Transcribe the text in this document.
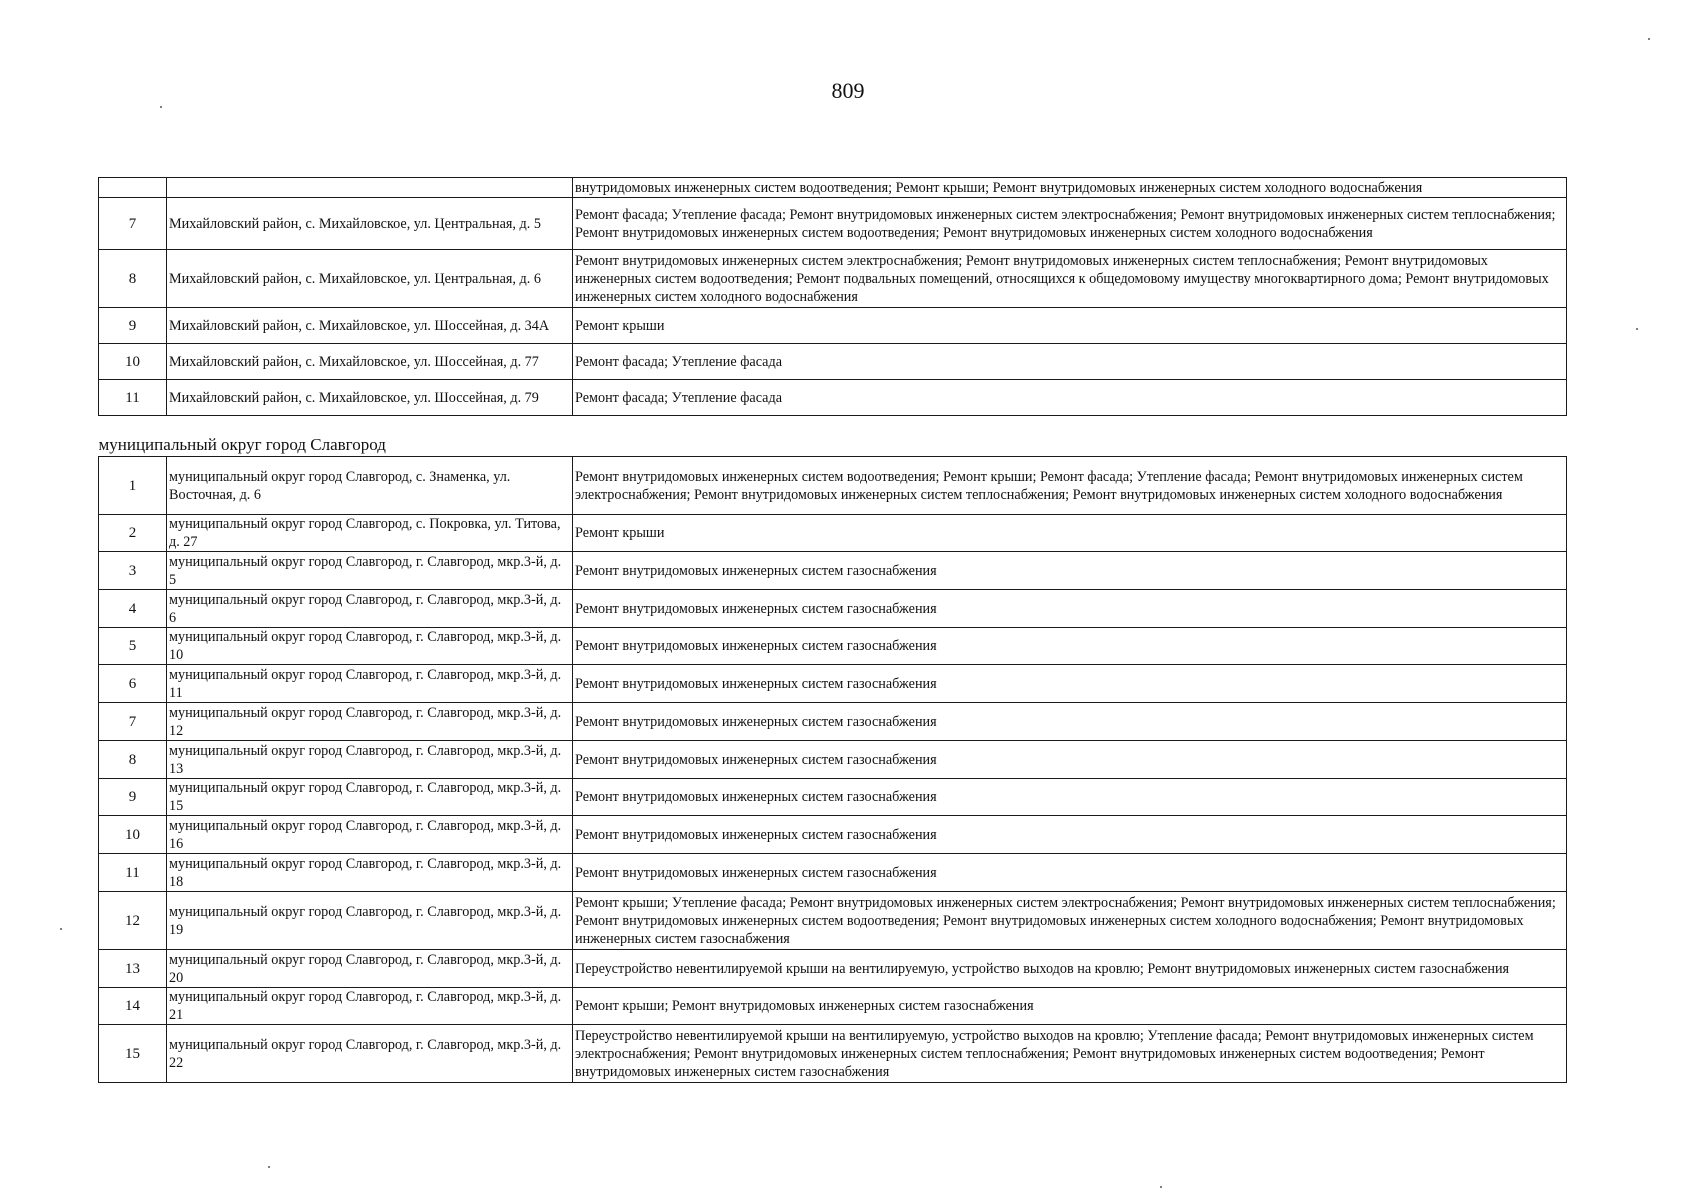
809
		внутридомовых инженерных систем водоотведения; Ремонт крыши; Ремонт внутридомовых инженерных систем холодного водоснабжения
7	Михайловский район, с. Михайловское, ул. Центральная, д. 5	Ремонт фасада; Утепление фасада; Ремонт внутридомовых инженерных систем электроснабжения; Ремонт внутридомовых инженерных систем теплоснабжения; Ремонт внутридомовых инженерных систем водоотведения; Ремонт внутридомовых инженерных систем холодного водоснабжения
8	Михайловский район, с. Михайловское, ул. Центральная, д. 6	Ремонт внутридомовых инженерных систем электроснабжения; Ремонт внутридомовых инженерных систем теплоснабжения; Ремонт внутридомовых инженерных систем водоотведения; Ремонт подвальных помещений, относящихся к общедомовому имуществу многоквартирного дома; Ремонт внутридомовых инженерных систем холодного водоснабжения
9	Михайловский район, с. Михайловское, ул. Шоссейная, д. 34А	Ремонт крыши
10	Михайловский район, с. Михайловское, ул. Шоссейная, д. 77	Ремонт фасада; Утепление фасада
11	Михайловский район, с. Михайловское, ул. Шоссейная, д. 79	Ремонт фасада; Утепление фасада

муниципальный округ город Славгород		

1	муниципальный округ город Славгород, с. Знаменка, ул. Восточная, д. 6	Ремонт внутридомовых инженерных систем водоотведения; Ремонт крыши; Ремонт фасада; Утепление фасада; Ремонт внутридомовых инженерных систем электроснабжения; Ремонт внутридомовых инженерных систем теплоснабжения; Ремонт внутридомовых инженерных систем холодного водоснабжения
2	муниципальный округ город Славгород, с. Покровка, ул. Титова, д. 27	Ремонт крыши
3	муниципальный округ город Славгород, г. Славгород, мкр.3-й, д. 5	Ремонт внутридомовых инженерных систем газоснабжения
4	муниципальный округ город Славгород, г. Славгород, мкр.3-й, д. 6	Ремонт внутридомовых инженерных систем газоснабжения
5	муниципальный округ город Славгород, г. Славгород, мкр.3-й, д. 10	Ремонт внутридомовых инженерных систем газоснабжения
6	муниципальный округ город Славгород, г. Славгород, мкр.3-й, д. 11	Ремонт внутридомовых инженерных систем газоснабжения
7	муниципальный округ город Славгород, г. Славгород, мкр.3-й, д. 12	Ремонт внутридомовых инженерных систем газоснабжения
8	муниципальный округ город Славгород, г. Славгород, мкр.3-й, д. 13	Ремонт внутридомовых инженерных систем газоснабжения
9	муниципальный округ город Славгород, г. Славгород, мкр.3-й, д. 15	Ремонт внутридомовых инженерных систем газоснабжения
10	муниципальный округ город Славгород, г. Славгород, мкр.3-й, д. 16	Ремонт внутридомовых инженерных систем газоснабжения
11	муниципальный округ город Славгород, г. Славгород, мкр.3-й, д. 18	Ремонт внутридомовых инженерных систем газоснабжения
12	муниципальный округ город Славгород, г. Славгород, мкр.3-й, д. 19	Ремонт крыши; Утепление фасада; Ремонт внутридомовых инженерных систем электроснабжения; Ремонт внутридомовых инженерных систем теплоснабжения; Ремонт внутридомовых инженерных систем водоотведения; Ремонт внутридомовых инженерных систем холодного водоснабжения; Ремонт внутридомовых инженерных систем газоснабжения
13	муниципальный округ город Славгород, г. Славгород, мкр.3-й, д. 20	Переустройство невентилируемой крыши на вентилируемую, устройство выходов на кровлю; Ремонт внутридомовых инженерных систем газоснабжения
14	муниципальный округ город Славгород, г. Славгород, мкр.3-й, д. 21	Ремонт крыши; Ремонт внутридомовых инженерных систем газоснабжения
15	муниципальный округ город Славгород, г. Славгород, мкр.3-й, д. 22	Переустройство невентилируемой крыши на вентилируемую, устройство выходов на кровлю; Утепление фасада; Ремонт внутридомовых инженерных систем электроснабжения; Ремонт внутридомовых инженерных систем теплоснабжения; Ремонт внутридомовых инженерных систем водоотведения; Ремонт внутридомовых инженерных систем газоснабжения
